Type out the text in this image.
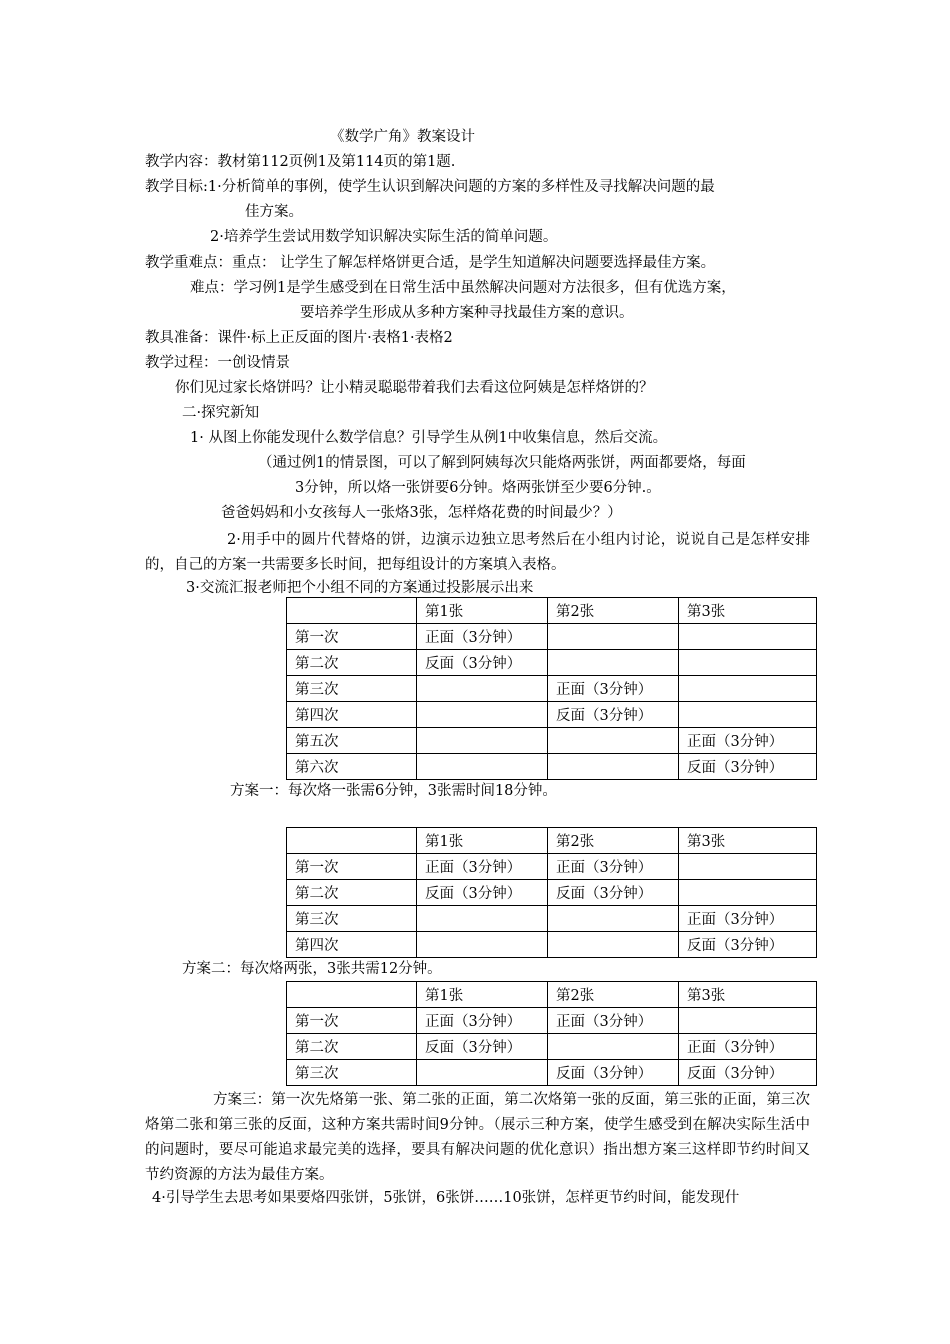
《数学广角》教案设计
教学内容：教材第112页例1及第114页的第1题.
教学目标:1·分析简单的事例，使学生认识到解决问题的方案的多样性及寻找解决问题的最
佳方案。
2·培养学生尝试用数学知识解决实际生活的简单问题。
教学重难点：重点： 让学生了解怎样烙饼更合适，是学生知道解决问题要选择最佳方案。
难点：学习例1是学生感受到在日常生活中虽然解决问题对方法很多，但有优选方案，
要培养学生形成从多种方案种寻找最佳方案的意识。
教具准备：课件·标上正反面的图片·表格1·表格2
教学过程：一创设情景
你们见过家长烙饼吗？让小精灵聪聪带着我们去看这位阿姨是怎样烙饼的？
二·探究新知
1· 从图上你能发现什么数学信息？引导学生从例1中收集信息，然后交流。
（通过例1的情景图，可以了解到阿姨每次只能烙两张饼，两面都要烙，每面
3分钟，所以烙一张饼要6分钟。烙两张饼至少要6分钟.。
爸爸妈妈和小女孩每人一张烙3张，怎样烙花费的时间最少？）
2·用手中的圆片代替烙的饼，边演示边独立思考然后在小组内讨论，说说自己是怎样安排的，自己的方案一共需要多长时间，把每组设计的方案填入表格。
3·交流汇报老师把个小组不同的方案通过投影展示出来
	第1张	第2张	第3张
第一次	正面（3分钟）		
第二次	反面（3分钟）		
第三次		正面（3分钟）	
第四次		反面（3分钟）	
第五次			正面（3分钟）
第六次			反面（3分钟）
方案一：每次烙一张需6分钟，3张需时间18分钟。
	第1张	第2张	第3张
第一次	正面（3分钟）	正面（3分钟）	
第二次	反面（3分钟）	反面（3分钟）	
第三次			正面（3分钟）
第四次			反面（3分钟）
方案二：每次烙两张，3张共需12分钟。
	第1张	第2张	第3张
第一次	正面（3分钟）	正面（3分钟）	
第二次	反面（3分钟）		正面（3分钟）
第三次		反面（3分钟）	反面（3分钟）
方案三：第一次先烙第一张、第二张的正面，第二次烙第一张的反面，第三张的正面，第三次烙第二张和第三张的反面，这种方案共需时间9分钟。（展示三种方案，使学生感受到在解决实际生活中的问题时，要尽可能追求最完美的选择，要具有解决问题的优化意识）指出想方案三这样即节约时间又节约资源的方法为最佳方案。
4·引导学生去思考如果要烙四张饼，5张饼，6张饼……10张饼，怎样更节约时间，能发现什
